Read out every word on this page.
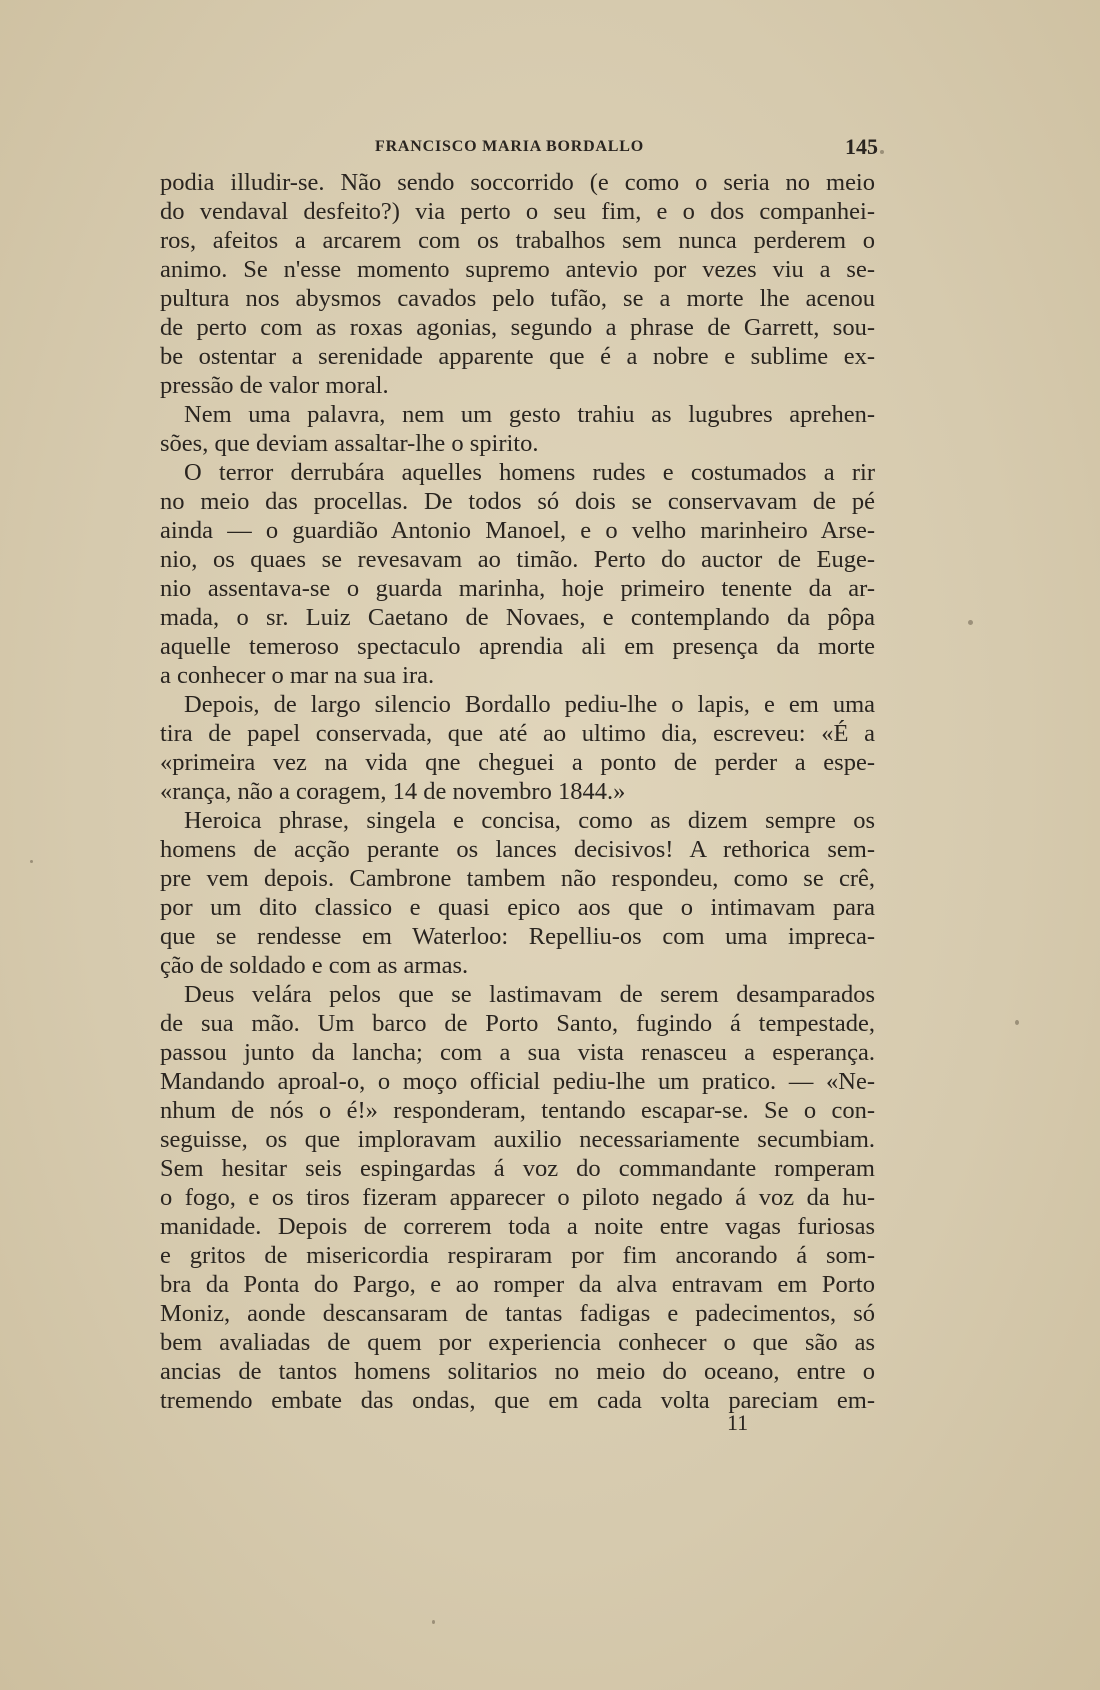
FRANCISCO MARIA BORDALLO	145
podia illudir-se. Não sendo soccorrido (e como o seria no meio
do vendaval desfeito?) via perto o seu fim, e o dos companhei-
ros, afeitos a arcarem com os trabalhos sem nunca perderem o
animo. Se n'esse momento supremo antevio por vezes viu a se-
pultura nos abysmos cavados pelo tufão, se a morte lhe acenou
de perto com as roxas agonias, segundo a phrase de Garrett, sou-
be ostentar a serenidade apparente que é a nobre e sublime ex-
pressão de valor moral.
Nem uma palavra, nem um gesto trahiu as lugubres aprehen-
sões, que deviam assaltar-lhe o spirito.
O terror derrubára aquelles homens rudes e costumados a rir
no meio das procellas. De todos só dois se conservavam de pé
ainda — o guardião Antonio Manoel, e o velho marinheiro Arse-
nio, os quaes se revesavam ao timão. Perto do auctor de Euge-
nio assentava-se o guarda marinha, hoje primeiro tenente da ar-
mada, o sr. Luiz Caetano de Novaes, e contemplando da pôpa
aquelle temeroso spectaculo aprendia ali em presença da morte
a conhecer o mar na sua ira.
Depois, de largo silencio Bordallo pediu-lhe o lapis, e em uma
tira de papel conservada, que até ao ultimo dia, escreveu: «É a
«primeira vez na vida qne cheguei a ponto de perder a espe-
«rança, não a coragem, 14 de novembro 1844.»
Heroica phrase, singela e concisa, como as dizem sempre os
homens de acção perante os lances decisivos! A rethorica sem-
pre vem depois. Cambrone tambem não respondeu, como se crê,
por um dito classico e quasi epico aos que o intimavam para
que se rendesse em Waterloo: Repelliu-os com uma impreca-
ção de soldado e com as armas.
Deus velára pelos que se lastimavam de serem desamparados
de sua mão. Um barco de Porto Santo, fugindo á tempestade,
passou junto da lancha; com a sua vista renasceu a esperança.
Mandando aproal-o, o moço official pediu-lhe um pratico. — «Ne-
nhum de nós o é!» responderam, tentando escapar-se. Se o con-
seguisse, os que imploravam auxilio necessariamente secumbiam.
Sem hesitar seis espingardas á voz do commandante romperam
o fogo, e os tiros fizeram apparecer o piloto negado á voz da hu-
manidade. Depois de correrem toda a noite entre vagas furiosas
e gritos de misericordia respiraram por fim ancorando á som-
bra da Ponta do Pargo, e ao romper da alva entravam em Porto
Moniz, aonde descansaram de tantas fadigas e padecimentos, só
bem avaliadas de quem por experiencia conhecer o que são as
ancias de tantos homens solitarios no meio do oceano, entre o
tremendo embate das ondas, que em cada volta pareciam em-
11
